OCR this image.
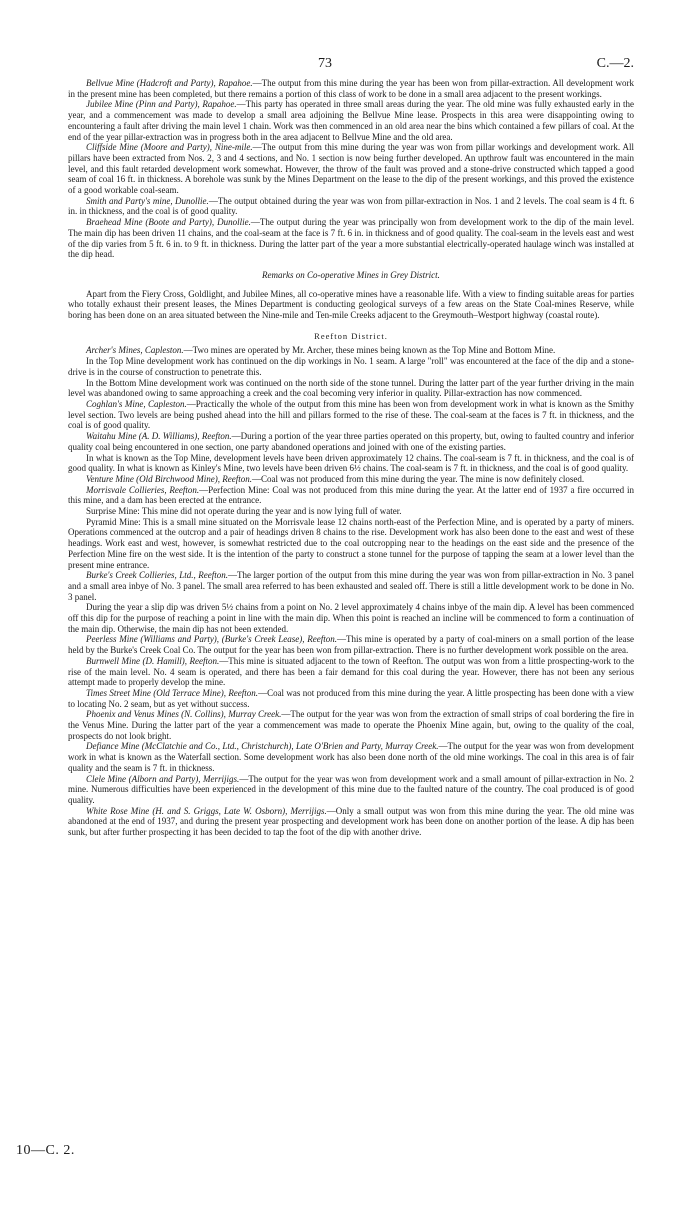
73	C.—2.

Bellvue Mine (Hadcroft and Party), Rapahoe.—The output from this mine during the year has been won from pillar-extraction. All development work in the present mine has been completed, but there remains a portion of this class of work to be done in a small area adjacent to the present workings.

Jubilee Mine (Pinn and Party), Rapahoe.—This party has operated in three small areas during the year. The old mine was fully exhausted early in the year, and a commencement was made to develop a small area adjoining the Bellvue Mine lease. Prospects in this area were disappointing owing to encountering a fault after driving the main level 1 chain. Work was then commenced in an old area near the bins which contained a few pillars of coal. At the end of the year pillar-extraction was in progress both in the area adjacent to Bellvue Mine and the old area.

Cliffside Mine (Moore and Party), Nine-mile.—The output from this mine during the year was won from pillar workings and development work. All pillars have been extracted from Nos. 2, 3 and 4 sections, and No. 1 section is now being further developed. An upthrow fault was encountered in the main level, and this fault retarded development work somewhat. However, the throw of the fault was proved and a stone-drive constructed which tapped a good seam of coal 16 ft. in thickness. A borehole was sunk by the Mines Department on the lease to the dip of the present workings, and this proved the existence of a good workable coal-seam.

Smith and Party's mine, Dunollie.—The output obtained during the year was won from pillar-extraction in Nos. 1 and 2 levels. The coal seam is 4 ft. 6 in. in thickness, and the coal is of good quality.

Braehead Mine (Boote and Party), Dunollie.—The output during the year was principally won from development work to the dip of the main level. The main dip has been driven 11 chains, and the coal-seam at the face is 7 ft. 6 in. in thickness and of good quality. The coal-seam in the levels east and west of the dip varies from 5 ft. 6 in. to 9 ft. in thickness. During the latter part of the year a more substantial electrically-operated haulage winch was installed at the dip head.

Remarks on Co-operative Mines in Grey District.

Apart from the Fiery Cross, Goldlight, and Jubilee Mines, all co-operative mines have a reasonable life. With a view to finding suitable areas for parties who totally exhaust their present leases, the Mines Department is conducting geological surveys of a few areas on the State Coal-mines Reserve, while boring has been done on an area situated between the Nine-mile and Ten-mile Creeks adjacent to the Greymouth–Westport highway (coastal route).

Reefton District.

Archer's Mines, Capleston.—Two mines are operated by Mr. Archer, these mines being known as the Top Mine and Bottom Mine.

In the Top Mine development work has continued on the dip workings in No. 1 seam. A large "roll" was encountered at the face of the dip and a stone-drive is in the course of construction to penetrate this.

In the Bottom Mine development work was continued on the north side of the stone tunnel. During the latter part of the year further driving in the main level was abandoned owing to same approaching a creek and the coal becoming very inferior in quality. Pillar-extraction has now commenced.

Coghlan's Mine, Capleston.—Practically the whole of the output from this mine has been won from development work in what is known as the Smithy level section. Two levels are being pushed ahead into the hill and pillars formed to the rise of these. The coal-seam at the faces is 7 ft. in thickness, and the coal is of good quality.

Waitahu Mine (A. D. Williams), Reefton.—During a portion of the year three parties operated on this property, but, owing to faulted country and inferior quality coal being encountered in one section, one party abandoned operations and joined with one of the existing parties.

In what is known as the Top Mine, development levels have been driven approximately 12 chains. The coal-seam is 7 ft. in thickness, and the coal is of good quality. In what is known as Kinley's Mine, two levels have been driven 6½ chains. The coal-seam is 7 ft. in thickness, and the coal is of good quality.

Venture Mine (Old Birchwood Mine), Reefton.—Coal was not produced from this mine during the year. The mine is now definitely closed.

Morrisvale Collieries, Reefton.—Perfection Mine: Coal was not produced from this mine during the year. At the latter end of 1937 a fire occurred in this mine, and a dam has been erected at the entrance.

Surprise Mine: This mine did not operate during the year and is now lying full of water.

Pyramid Mine: This is a small mine situated on the Morrisvale lease 12 chains north-east of the Perfection Mine, and is operated by a party of miners. Operations commenced at the outcrop and a pair of headings driven 8 chains to the rise. Development work has also been done to the east and west of these headings. Work east and west, however, is somewhat restricted due to the coal outcropping near to the headings on the east side and the presence of the Perfection Mine fire on the west side. It is the intention of the party to construct a stone tunnel for the purpose of tapping the seam at a lower level than the present mine entrance.

Burke's Creek Collieries, Ltd., Reefton.—The larger portion of the output from this mine during the year was won from pillar-extraction in No. 3 panel and a small area inbye of No. 3 panel. The small area referred to has been exhausted and sealed off. There is still a little development work to be done in No. 3 panel.

During the year a slip dip was driven 5½ chains from a point on No. 2 level approximately 4 chains inbye of the main dip. A level has been commenced off this dip for the purpose of reaching a point in line with the main dip. When this point is reached an incline will be commenced to form a continuation of the main dip. Otherwise, the main dip has not been extended.

Peerless Mine (Williams and Party), (Burke's Creek Lease), Reefton.—This mine is operated by a party of coal-miners on a small portion of the lease held by the Burke's Creek Coal Co. The output for the year has been won from pillar-extraction. There is no further development work possible on the area.

Burnwell Mine (D. Hamill), Reefton.—This mine is situated adjacent to the town of Reefton. The output was won from a little prospecting-work to the rise of the main level. No. 4 seam is operated, and there has been a fair demand for this coal during the year. However, there has not been any serious attempt made to properly develop the mine.

Times Street Mine (Old Terrace Mine), Reefton.—Coal was not produced from this mine during the year. A little prospecting has been done with a view to locating No. 2 seam, but as yet without success.

Phoenix and Venus Mines (N. Collins), Murray Creek.—The output for the year was won from the extraction of small strips of coal bordering the fire in the Venus Mine. During the latter part of the year a commencement was made to operate the Phoenix Mine again, but, owing to the quality of the coal, prospects do not look bright.

Defiance Mine (McClatchie and Co., Ltd., Christchurch), Late O'Brien and Party, Murray Creek.—The output for the year was won from development work in what is known as the Waterfall section. Some development work has also been done north of the old mine workings. The coal in this area is of fair quality and the seam is 7 ft. in thickness.

Clele Mine (Alborn and Party), Merrijigs.—The output for the year was won from development work and a small amount of pillar-extraction in No. 2 mine. Numerous difficulties have been experienced in the development of this mine due to the faulted nature of the country. The coal produced is of good quality.

White Rose Mine (H. and S. Griggs, Late W. Osborn), Merrijigs.—Only a small output was won from this mine during the year. The old mine was abandoned at the end of 1937, and during the present year prospecting and development work has been done on another portion of the lease. A dip has been sunk, but after further prospecting it has been decided to tap the foot of the dip with another drive.

10—C. 2.
